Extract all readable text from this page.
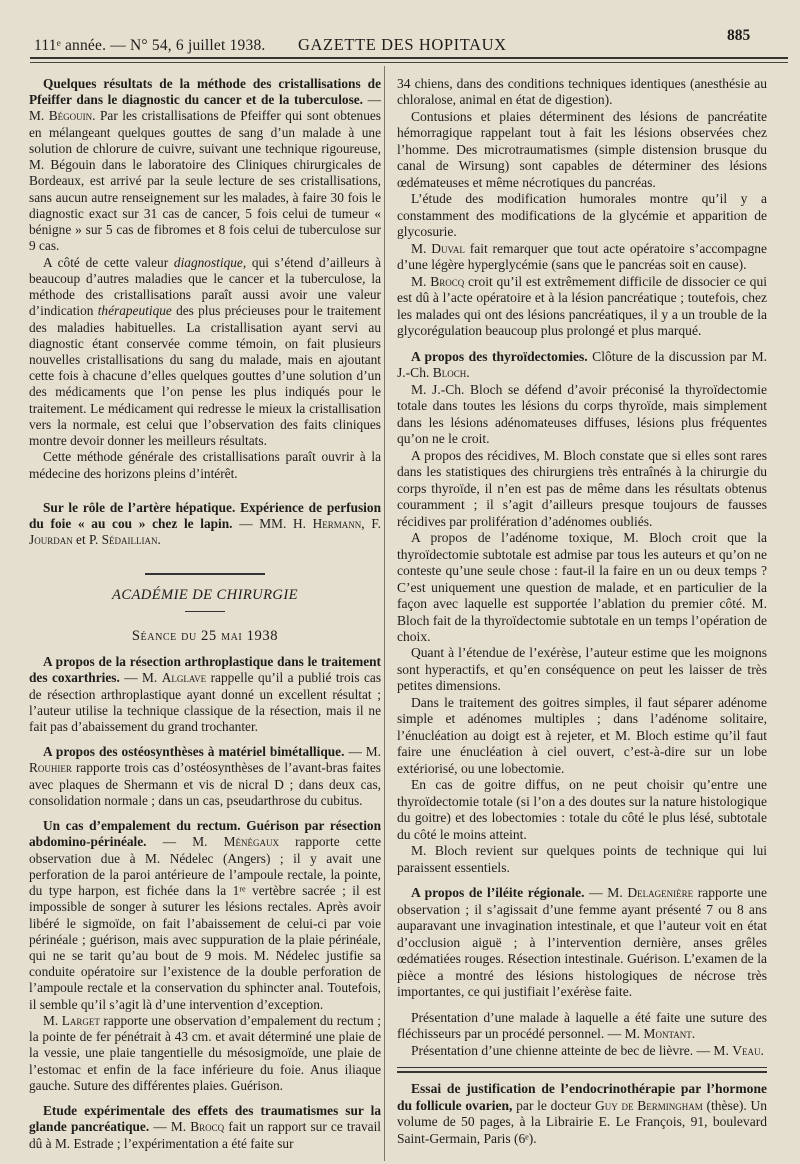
111ᵉ année. — N° 54, 6 juillet 1938. GAZETTE DES HOPITAUX	885

Quelques résultats de la méthode des cristallisations de Pfeiffer dans le diagnostic du cancer et de la tuberculose. — M. Bégouin. Par les cristallisations de Pfeiffer qui sont obtenues en mélangeant quelques gouttes de sang d’un malade à une solution de chlorure de cuivre, suivant une technique rigoureuse, M. Bégouin dans le laboratoire des Cliniques chirurgicales de Bordeaux, est arrivé par la seule lecture de ses cristallisations, sans aucun autre renseignement sur les malades, à faire 30 fois le diagnostic exact sur 31 cas de cancer, 5 fois celui de tumeur « bénigne » sur 5 cas de fibromes et 8 fois celui de tuberculose sur 9 cas.

A côté de cette valeur diagnostique, qui s’étend d’ailleurs à beaucoup d’autres maladies que le cancer et la tuberculose, la méthode des cristallisations paraît aussi avoir une valeur d’indication thérapeutique des plus précieuses pour le traitement des maladies habituelles. La cristallisation ayant servi au diagnostic étant conservée comme témoin, on fait plusieurs nouvelles cristallisations du sang du malade, mais en ajoutant cette fois à chacune d’elles quelques gouttes d’une solution d’un des médicaments que l’on pense les plus indiqués pour le traitement. Le médicament qui redresse le mieux la cristallisation vers la normale, est celui que l’observation des faits cliniques montre devoir donner les meilleurs résultats.

Cette méthode générale des cristallisations paraît ouvrir à la médecine des horizons pleins d’intérêt.

Sur le rôle de l’artère hépatique. Expérience de perfusion du foie « au cou » chez le lapin. — MM. H. Hermann, F. Jourdan et P. Sédaillian.

ACADÉMIE DE CHIRURGIE

Séance du 25 mai 1938

A propos de la résection arthroplastique dans le traitement des coxarthries. — M. Alglave rappelle qu’il a publié trois cas de résection arthroplastique ayant donné un excellent résultat ; l’auteur utilise la technique classique de la résection, mais il ne fait pas d’abaissement du grand trochanter.

A propos des ostéosynthèses à matériel bimétallique. — M. Rouhier rapporte trois cas d’ostéosynthèses de l’avant-bras faites avec plaques de Shermann et vis de nicral D ; dans deux cas, consolidation normale ; dans un cas, pseudarthrose du cubitus.

Un cas d’empalement du rectum. Guérison par résection abdomino-périnéale. — M. Ménégaux rapporte cette observation due à M. Nédelec (Angers) ; il y avait une perforation de la paroi antérieure de l’ampoule rectale, la pointe, du type harpon, est fichée dans la 1ʳᵉ vertèbre sacrée ; il est impossible de songer à suturer les lésions rectales. Après avoir libéré le sigmoïde, on fait l’abaissement de celui-ci par voie périnéale ; guérison, mais avec suppuration de la plaie périnéale, qui ne se tarit qu’au bout de 9 mois. M. Nédelec justifie sa conduite opératoire sur l’existence de la double perforation de l’ampoule rectale et la conservation du sphincter anal. Toutefois, il semble qu’il s’agit là d’une intervention d’exception.

M. Larget rapporte une observation d’empalement du rectum ; la pointe de fer pénétrait à 43 cm. et avait déterminé une plaie de la vessie, une plaie tangentielle du mésosigmoïde, une plaie de l’estomac et enfin de la face inférieure du foie. Anus iliaque gauche. Suture des différentes plaies. Guérison.

Etude expérimentale des effets des traumatismes sur la glande pancréatique. — M. Brocq fait un rapport sur ce travail dû à M. Estrade ; l’expérimentation a été faite sur

34 chiens, dans des conditions techniques identiques (anesthésie au chloralose, animal en état de digestion).

Contusions et plaies déterminent des lésions de pancréatite hémorragique rappelant tout à fait les lésions observées chez l’homme. Des microtraumatismes (simple distension brusque du canal de Wirsung) sont capables de déterminer des lésions œdémateuses et même nécrotiques du pancréas.

L’étude des modification humorales montre qu’il y a constamment des modifications de la glycémie et apparition de glycosurie.

M. Duval fait remarquer que tout acte opératoire s’accompagne d’une légère hyperglycémie (sans que le pancréas soit en cause).

M. Brocq croit qu’il est extrêmement difficile de dissocier ce qui est dû à l’acte opératoire et à la lésion pancréatique ; toutefois, chez les malades qui ont des lésions pancréatiques, il y a un trouble de la glycorégulation beaucoup plus prolongé et plus marqué.

A propos des thyroïdectomies. Clôture de la discussion par M. J.-Ch. Bloch.

M. J.-Ch. Bloch se défend d’avoir préconisé la thyroïdectomie totale dans toutes les lésions du corps thyroïde, mais simplement dans les lésions adénomateuses diffuses, lésions plus fréquentes qu’on ne le croit.

A propos des récidives, M. Bloch constate que si elles sont rares dans les statistiques des chirurgiens très entraînés à la chirurgie du corps thyroïde, il n’en est pas de même dans les résultats obtenus couramment ; il s’agit d’ailleurs presque toujours de fausses récidives par prolifération d’adénomes oubliés.

A propos de l’adénome toxique, M. Bloch croit que la thyroïdectomie subtotale est admise par tous les auteurs et qu’on ne conteste qu’une seule chose : faut-il la faire en un ou deux temps ? C’est uniquement une question de malade, et en particulier de la façon avec laquelle est supportée l’ablation du premier côté. M. Bloch fait de la thyroïdectomie subtotale en un temps l’opération de choix.

Quant à l’étendue de l’exérèse, l’auteur estime que les moignons sont hyperactifs, et qu’en conséquence on peut les laisser de très petites dimensions.

Dans le traitement des goitres simples, il faut séparer adénome simple et adénomes multiples ; dans l’adénome solitaire, l’énucléation au doigt est à rejeter, et M. Bloch estime qu’il faut faire une énucléation à ciel ouvert, c’est-à-dire sur un lobe extériorisé, ou une lobectomie.

En cas de goitre diffus, on ne peut choisir qu’entre une thyroïdectomie totale (si l’on a des doutes sur la nature histologique du goitre) et des lobectomies : totale du côté le plus lésé, subtotale du côté le moins atteint.

M. Bloch revient sur quelques points de technique qui lui paraissent essentiels.

A propos de l’iléite régionale. — M. Delagenière rapporte une observation ; il s’agissait d’une femme ayant présenté 7 ou 8 ans auparavant une invagination intestinale, et que l’auteur voit en état d’occlusion aiguë ; à l’intervention dernière, anses grêles œdématiées rouges. Résection intestinale. Guérison. L’examen de la pièce a montré des lésions histologiques de nécrose très importantes, ce qui justifiait l’exérèse faite.

Présentation d’une malade à laquelle a été faite une suture des fléchisseurs par un procédé personnel. — M. Montant.

Présentation d’une chienne atteinte de bec de lièvre. — M. Veau.

Essai de justification de l’endocrinothérapie par l’hormone du follicule ovarien, par le docteur Guy de Bermingham (thèse). Un volume de 50 pages, à la Librairie E. Le François, 91, boulevard Saint-Germain, Paris (6ᵉ).
